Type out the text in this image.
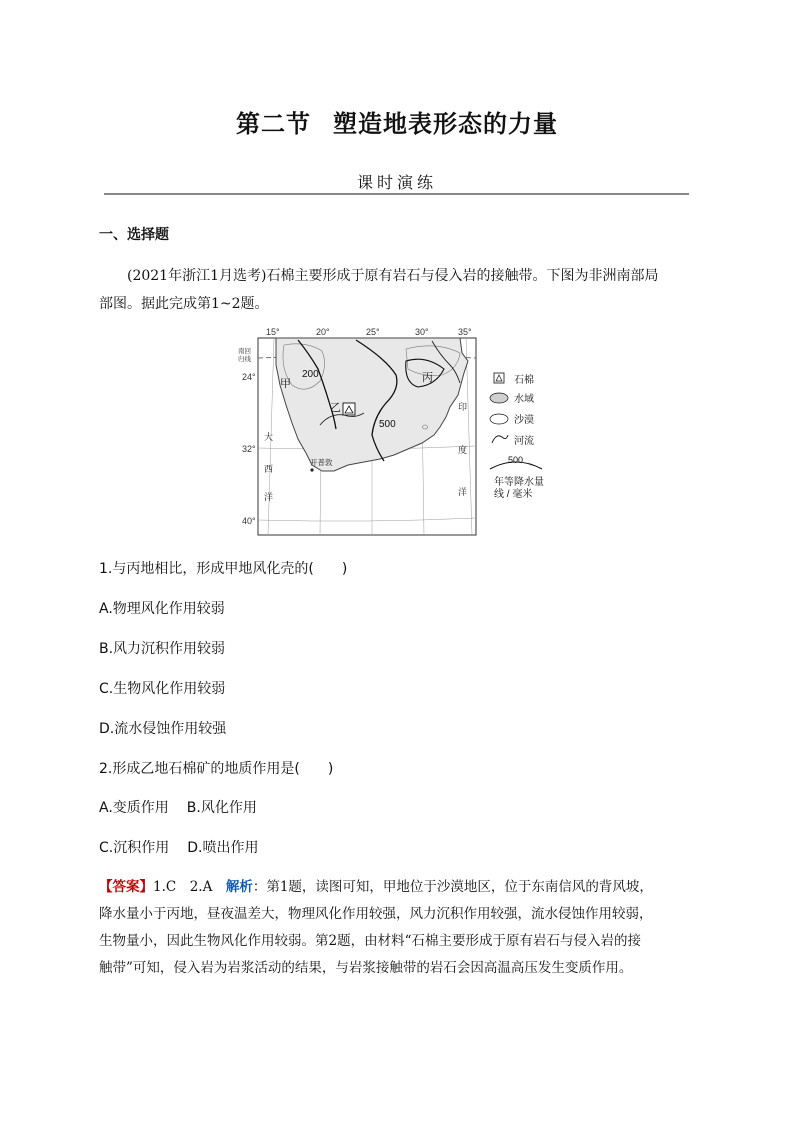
第二节 塑造地表形态的力量
课时演练
一、选择题
(2021年浙江1月选考)石棉主要形成于原有岩石与侵入岩的接触带。下图为非洲南部局
部图。据此完成第1~2题。
15°	20°	25°	30°	35°
南回
归线
24°
32°
40°
甲
乙
丙
200
500
开普敦
大
西
洋
印
度
洋
石棉
水域
沙漠
河流
500
年等降水量
线 / 毫米
1.与丙地相比，形成甲地风化壳的(　　)
A.物理风化作用较弱
B.风力沉积作用较弱
C.生物风化作用较弱
D.流水侵蚀作用较强
2.形成乙地石棉矿的地质作用是(　　)
A.变质作用 B.风化作用
C.沉积作用 D.喷出作用
【答案】1.C　2.A　解析：第1题，读图可知，甲地位于沙漠地区，位于东南信风的背风坡，
降水量小于丙地，昼夜温差大，物理风化作用较强，风力沉积作用较强，流水侵蚀作用较弱，
生物量小，因此生物风化作用较弱。第2题，由材料“石棉主要形成于原有岩石与侵入岩的接
触带”可知，侵入岩为岩浆活动的结果，与岩浆接触带的岩石会因高温高压发生变质作用。
